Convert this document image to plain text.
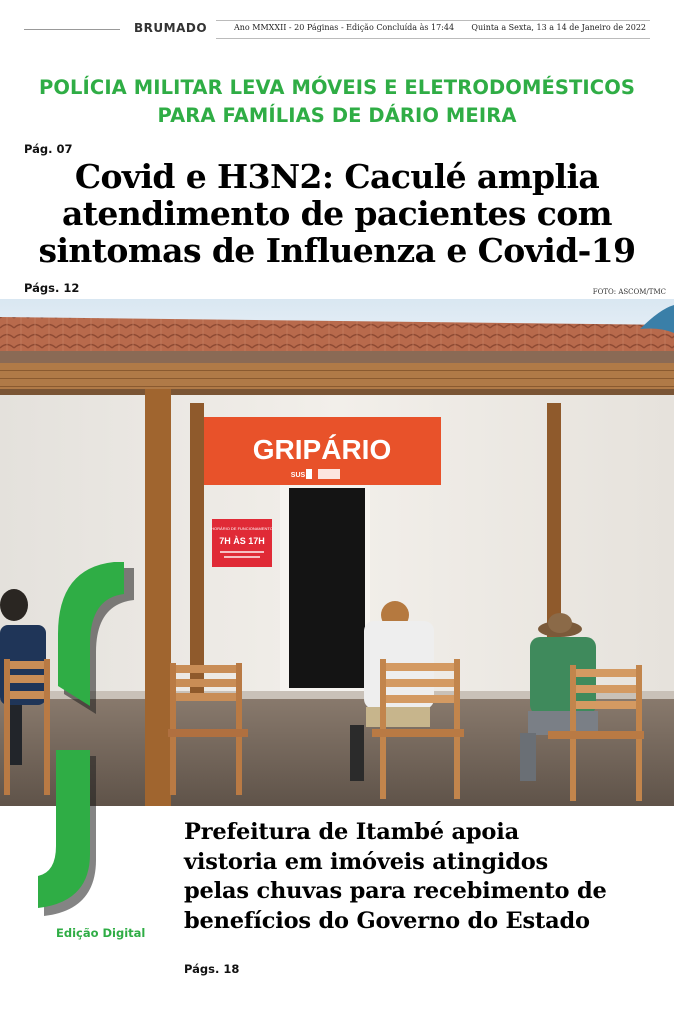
BRUMADO	Ano MMXXII - 20 Páginas - Edição Concluída às 17:44 Quinta a Sexta, 13 a 14 de Janeiro de 2022
POLÍCIA MILITAR LEVA MÓVEIS E ELETRODOMÉSTICOS
PARA FAMÍLIAS DE DÁRIO MEIRA
Pág. 07
Covid e H3N2: Caculé amplia
atendimento de pacientes com
sintomas de Influenza e Covid-19
Págs. 12	FOTO: ASCOM/TMC
GRIPÁRIO
SUS
HORÁRIO DE FUNCIONAMENTO
7H ÀS 17H
Edição Digital
Prefeitura de Itambé apoia
vistoria em imóveis atingidos
pelas chuvas para recebimento de
benefícios do Governo do Estado
Págs. 18
